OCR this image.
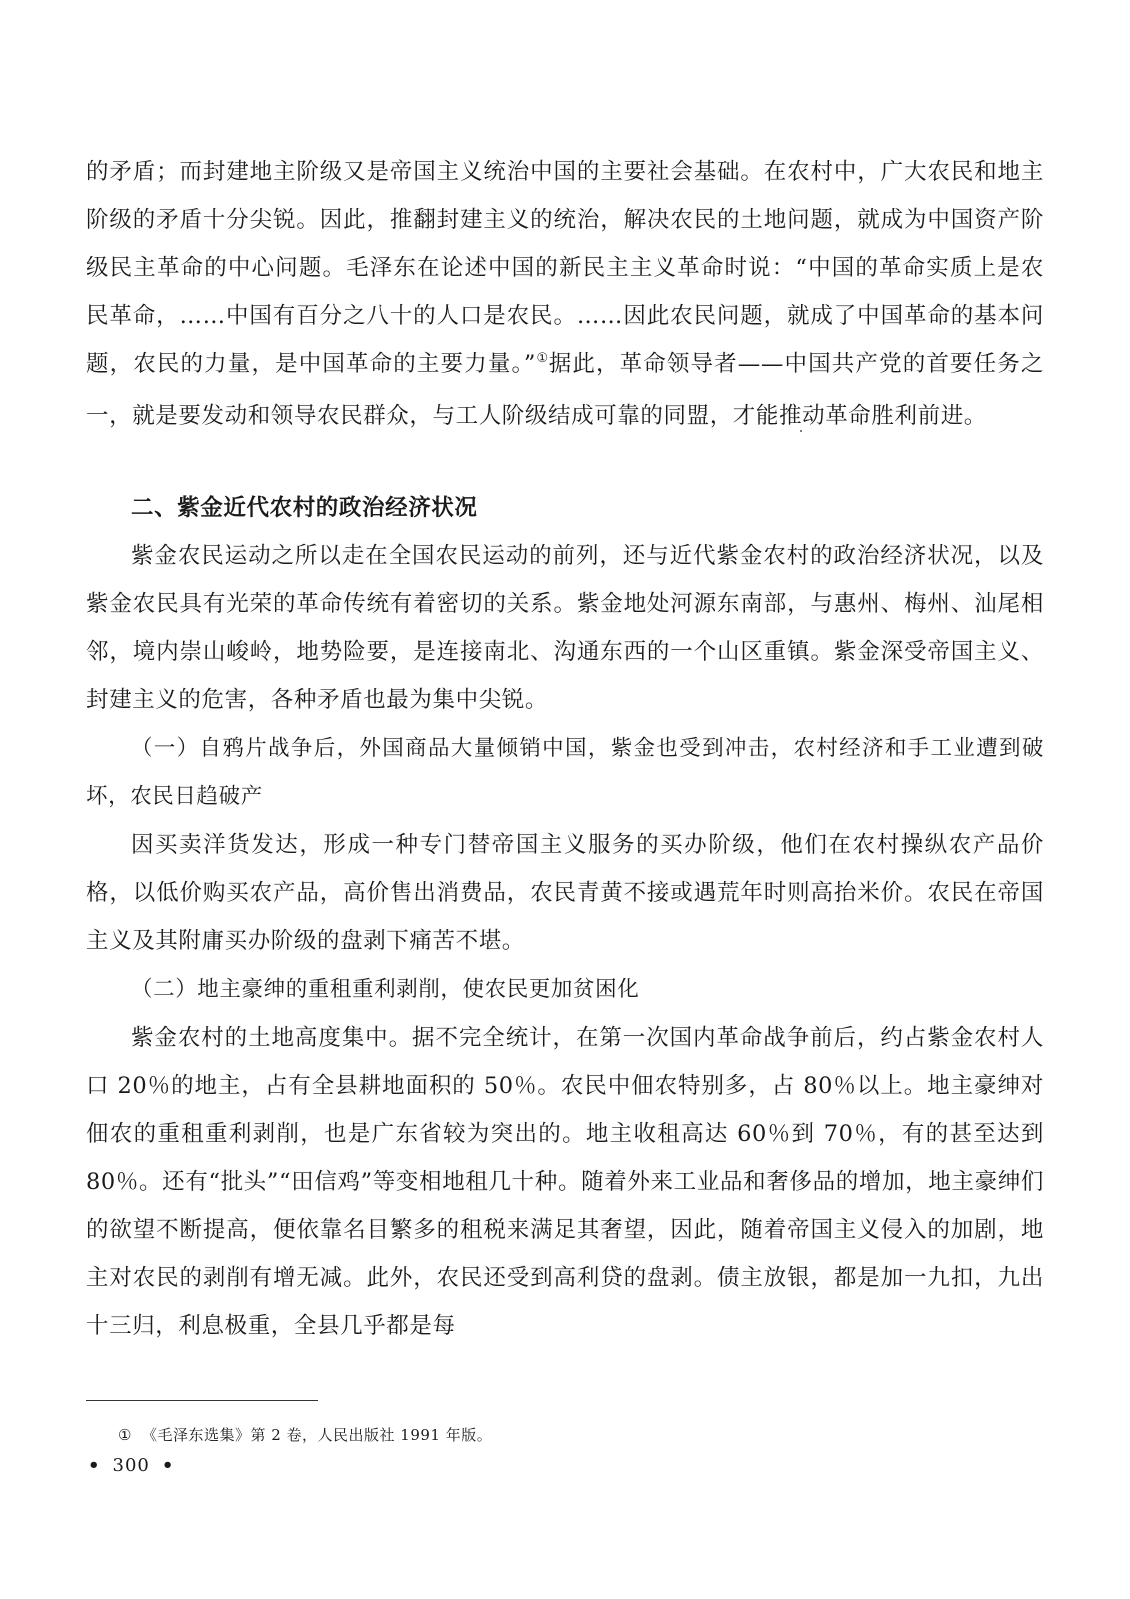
的矛盾；而封建地主阶级又是帝国主义统治中国的主要社会基础。在农村中，广大农民和地主阶级的矛盾十分尖锐。因此，推翻封建主义的统治，解决农民的土地问题，就成为中国资产阶级民主革命的中心问题。毛泽东在论述中国的新民主主义革命时说：“中国的革命实质上是农民革命，……中国有百分之八十的人口是农民。……因此农民问题，就成了中国革命的基本问题，农民的力量，是中国革命的主要力量。”①据此，革命领导者——中国共产党的首要任务之一，就是要发动和领导农民群众，与工人阶级结成可靠的同盟，才能推动革命胜利前进。

二、紫金近代农村的政治经济状况

紫金农民运动之所以走在全国农民运动的前列，还与近代紫金农村的政治经济状况，以及紫金农民具有光荣的革命传统有着密切的关系。紫金地处河源东南部，与惠州、梅州、汕尾相邻，境内崇山峻岭，地势险要，是连接南北、沟通东西的一个山区重镇。紫金深受帝国主义、封建主义的危害，各种矛盾也最为集中尖锐。

（一）自鸦片战争后，外国商品大量倾销中国，紫金也受到冲击，农村经济和手工业遭到破坏，农民日趋破产

因买卖洋货发达，形成一种专门替帝国主义服务的买办阶级，他们在农村操纵农产品价格，以低价购买农产品，高价售出消费品，农民青黄不接或遇荒年时则高抬米价。农民在帝国主义及其附庸买办阶级的盘剥下痛苦不堪。

（二）地主豪绅的重租重利剥削，使农民更加贫困化

紫金农村的土地高度集中。据不完全统计，在第一次国内革命战争前后，约占紫金农村人口 20％的地主，占有全县耕地面积的 50％。农民中佃农特别多，占 80％以上。地主豪绅对佃农的重租重利剥削，也是广东省较为突出的。地主收租高达 60％到 70％，有的甚至达到 80％。还有“批头”“田信鸡”等变相地租几十种。随着外来工业品和奢侈品的增加，地主豪绅们的欲望不断提高，便依靠名目繁多的租税来满足其奢望，因此，随着帝国主义侵入的加剧，地主对农民的剥削有增无减。此外，农民还受到高利贷的盘剥。债主放银，都是加一九扣，九出十三归，利息极重，全县几乎都是每

① 《毛泽东选集》第 2 卷，人民出版社 1991 年版。
• 300 •
